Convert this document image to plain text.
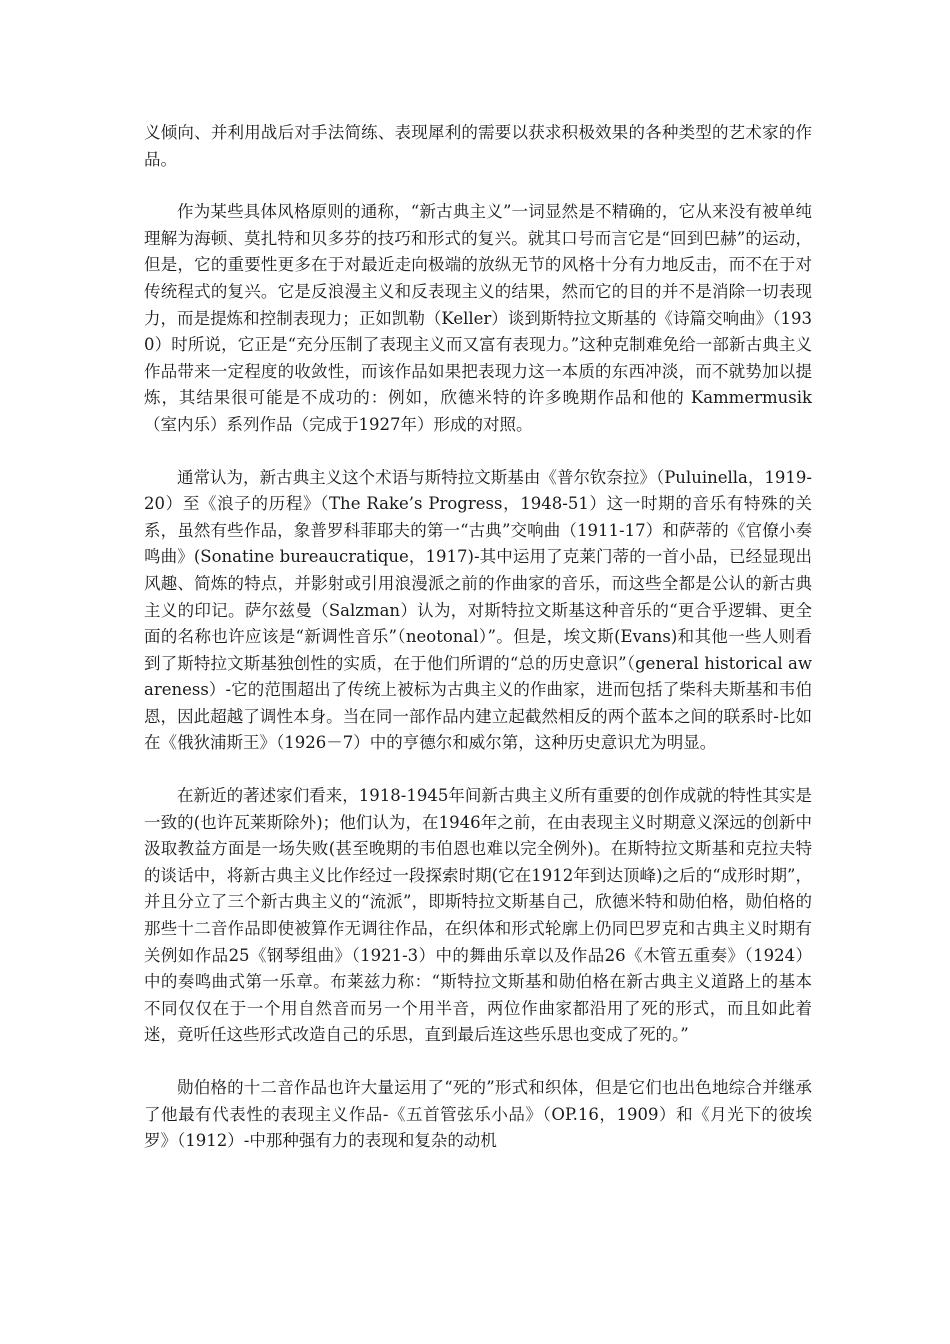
义倾向、并利用战后对手法简练、表现犀利的需要以获求积极效果的各种类型的艺术家的作品。

作为某些具体风格原则的通称，“新古典主义”一词显然是不精确的，它从来没有被单纯理解为海顿、莫扎特和贝多芬的技巧和形式的复兴。就其口号而言它是“回到巴赫”的运动，但是，它的重要性更多在于对最近走向极端的放纵无节的风格十分有力地反击，而不在于对传统程式的复兴。它是反浪漫主义和反表现主义的结果，然而它的目的并不是消除一切表现力，而是提炼和控制表现力；正如凯勒（Keller）谈到斯特拉文斯基的《诗篇交响曲》（1930）时所说，它正是“充分压制了表现主义而又富有表现力。”这种克制难免给一部新古典主义作品带来一定程度的收敛性，而该作品如果把表现力这一本质的东西冲淡，而不就势加以提炼，其结果很可能是不成功的：例如，欣德米特的许多晚期作品和他的 Kammermusik（室内乐）系列作品（完成于1927年）形成的对照。

通常认为，新古典主义这个术语与斯特拉文斯基由《普尔钦奈拉》（Puluinella，1919-20）至《浪子的历程》（The Rake’s Progress，1948-51）这一时期的音乐有特殊的关系，虽然有些作品，象普罗科菲耶夫的第一“古典”交响曲（1911-17）和萨蒂的《官僚小奏鸣曲》(Sonatine bureaucratique，1917)-其中运用了克莱门蒂的一首小品，已经显现出风趣、简炼的特点，并影射或引用浪漫派之前的作曲家的音乐，而这些全都是公认的新古典主义的印记。萨尔兹曼（Salzman）认为，对斯特拉文斯基这种音乐的“更合乎逻辑、更全面的名称也许应该是“新调性音乐”（neotonal）”。但是，埃文斯(Evans)和其他一些人则看到了斯特拉文斯基独创性的实质，在于他们所谓的“总的历史意识”（general historical awareness）-它的范围超出了传统上被标为古典主义的作曲家，进而包括了柴科夫斯基和韦伯恩，因此超越了调性本身。当在同一部作品内建立起截然相反的两个蓝本之间的联系时-比如在《俄狄浦斯王》（1926－7）中的亨德尔和威尔第，这种历史意识尤为明显。

在新近的著述家们看来，1918-1945年间新古典主义所有重要的创作成就的特性其实是一致的(也许瓦莱斯除外)；他们认为，在1946年之前，在由表现主义时期意义深远的创新中汲取教益方面是一场失败(甚至晚期的韦伯恩也难以完全例外)。在斯特拉文斯基和克拉夫特的谈话中，将新古典主义比作经过一段探索时期(它在1912年到达顶峰)之后的“成形时期”，并且分立了三个新古典主义的“流派”，即斯特拉文斯基自己，欣德米特和勋伯格，勋伯格的那些十二音作品即使被算作无调往作品，在织体和形式轮廓上仍同巴罗克和古典主义时期有关例如作品25《钢琴组曲》（1921-3）中的舞曲乐章以及作品26《木管五重奏》（1924）中的奏鸣曲式第一乐章。布莱兹力称：“斯特拉文斯基和勋伯格在新古典主义道路上的基本不同仅仅在于一个用自然音而另一个用半音，两位作曲家都沿用了死的形式，而且如此着迷，竟听任这些形式改造自己的乐思，直到最后连这些乐思也变成了死的。”

勋伯格的十二音作品也许大量运用了“死的”形式和织体，但是它们也出色地综合并继承了他最有代表性的表现主义作品-《五首管弦乐小品》（OP.16，1909）和《月光下的彼埃罗》（1912）-中那种强有力的表现和复杂的动机
